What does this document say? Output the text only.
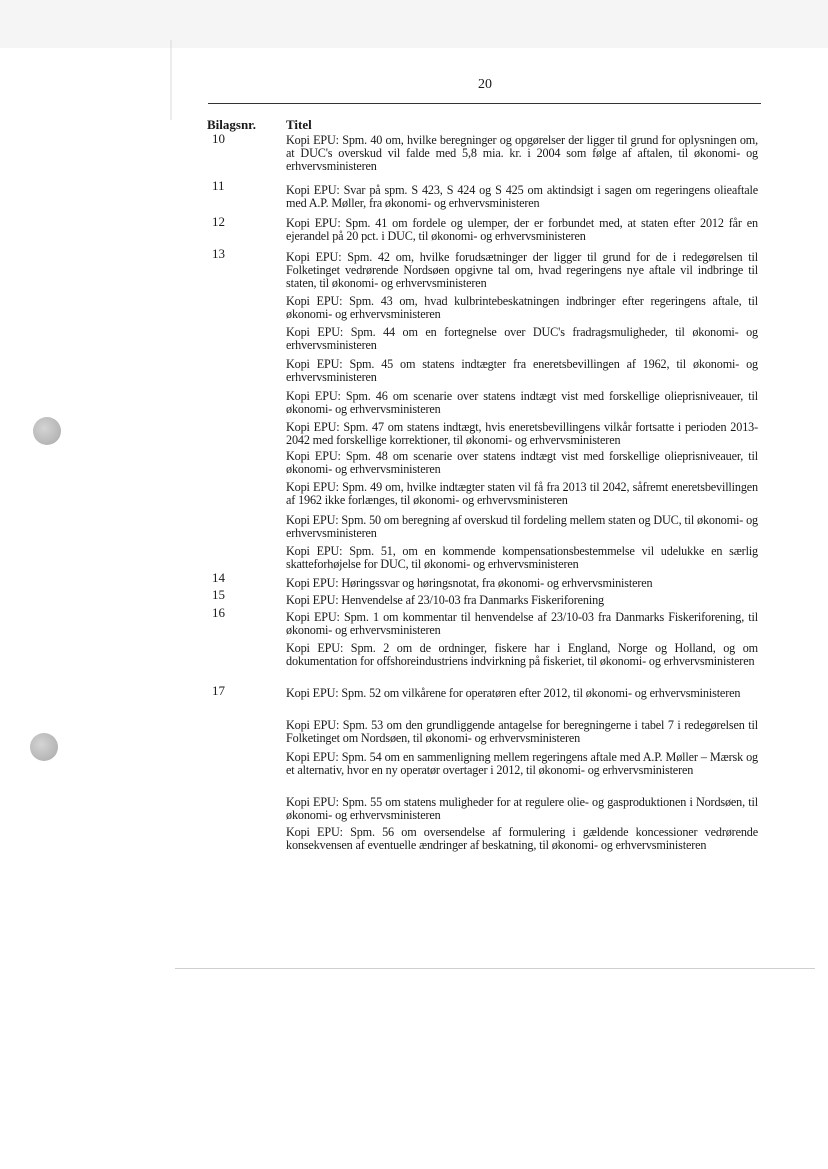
20
Bilagsnr. Titel
10	Kopi EPU: Spm. 40 om, hvilke beregninger og opgørelser der ligger til grund for oplysningen om, at DUC's overskud vil falde med 5,8 mia. kr. i 2004 som følge af aftalen, til økonomi- og erhvervsministeren
11	Kopi EPU: Svar på spm. S 423, S 424 og S 425 om aktindsigt i sagen om regeringens olieaftale med A.P. Møller, fra økonomi- og erhvervsministeren
12	Kopi EPU: Spm. 41 om fordele og ulemper, der er forbundet med, at staten efter 2012 får en ejerandel på 20 pct. i DUC, til økonomi- og erhvervsministeren
13	Kopi EPU: Spm. 42 om, hvilke forudsætninger der ligger til grund for de i redegørelsen til Folketinget vedrørende Nordsøen opgivne tal om, hvad regeringens nye aftale vil indbringe til staten, til økonomi- og erhvervsministeren
Kopi EPU: Spm. 43 om, hvad kulbrintebeskatningen indbringer efter regeringens aftale, til økonomi- og erhvervsministeren
Kopi EPU: Spm. 44 om en fortegnelse over DUC's fradragsmuligheder, til økonomi- og erhvervsministeren
Kopi EPU: Spm. 45 om statens indtægter fra eneretsbevillingen af 1962, til økonomi- og erhvervsministeren
Kopi EPU: Spm. 46 om scenarie over statens indtægt vist med forskellige olieprisniveauer, til økonomi- og erhvervsministeren
Kopi EPU: Spm. 47 om statens indtægt, hvis eneretsbevillingens vilkår fortsatte i perioden 2013-2042 med forskellige korrektioner, til økonomi- og erhvervsministeren
Kopi EPU: Spm. 48 om scenarie over statens indtægt vist med forskellige olieprisniveauer, til økonomi- og erhvervsministeren
Kopi EPU: Spm. 49 om, hvilke indtægter staten vil få fra 2013 til 2042, såfremt eneretsbevillingen af 1962 ikke forlænges, til økonomi- og erhvervsministeren
Kopi EPU: Spm. 50 om beregning af overskud til fordeling mellem staten og DUC, til økonomi- og erhvervsministeren
Kopi EPU: Spm. 51, om en kommende kompensationsbestemmelse vil udelukke en særlig skatteforhøjelse for DUC, til økonomi- og erhvervsministeren
14	Kopi EPU: Høringssvar og høringsnotat, fra økonomi- og erhvervsministeren
15	Kopi EPU: Henvendelse af 23/10-03 fra Danmarks Fiskeriforening
16	Kopi EPU: Spm. 1 om kommentar til henvendelse af 23/10-03 fra Danmarks Fiskeriforening, til økonomi- og erhvervsministeren
Kopi EPU: Spm. 2 om de ordninger, fiskere har i England, Norge og Holland, og om dokumentation for offshoreindustriens indvirkning på fiskeriet, til økonomi- og erhvervsministeren
17	Kopi EPU: Spm. 52 om vilkårene for operatøren efter 2012, til økonomi- og erhvervsministeren
Kopi EPU: Spm. 53 om den grundliggende antagelse for beregningerne i tabel 7 i redegørelsen til Folketinget om Nordsøen, til økonomi- og erhvervsministeren
Kopi EPU: Spm. 54 om en sammenligning mellem regeringens aftale med A.P. Møller – Mærsk og et alternativ, hvor en ny operatør overtager i 2012, til økonomi- og erhvervsministeren
Kopi EPU: Spm. 55 om statens muligheder for at regulere olie- og gasproduktionen i Nordsøen, til økonomi- og erhvervsministeren
Kopi EPU: Spm. 56 om oversendelse af formulering i gældende koncessioner vedrørende konsekvensen af eventuelle ændringer af beskatning, til økonomi- og erhvervsministeren
